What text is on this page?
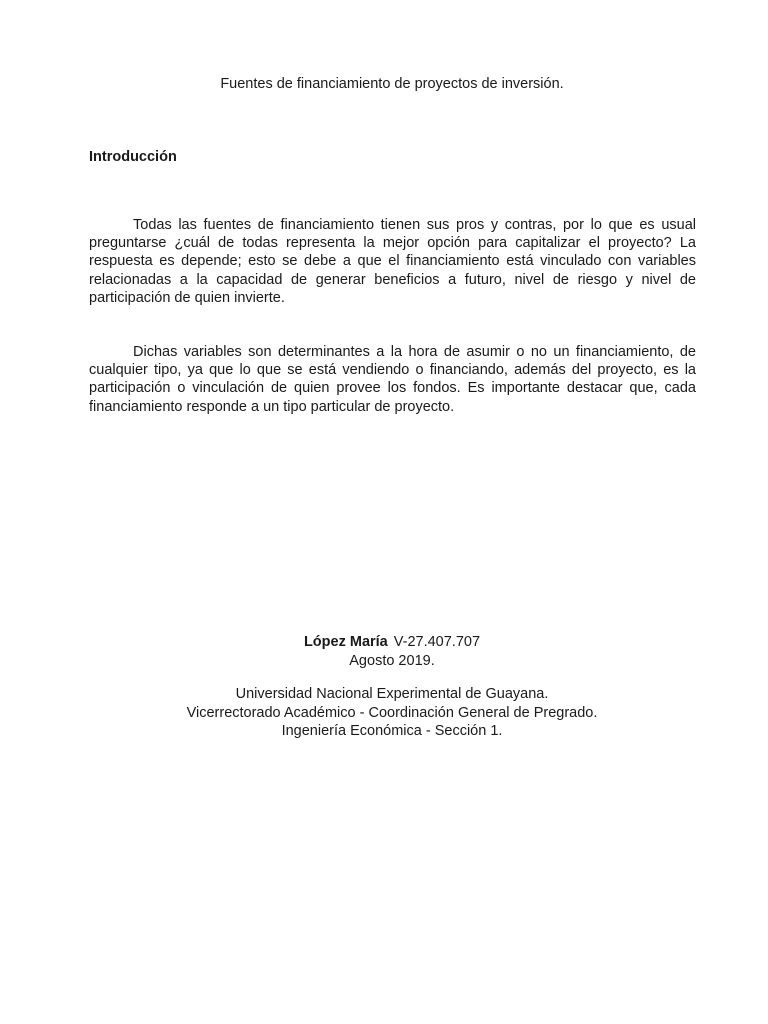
Fuentes de financiamiento de proyectos de inversión.
Introducción

Todas las fuentes de financiamiento tienen sus pros y contras, por lo que es usual preguntarse ¿cuál de todas representa la mejor opción para capitalizar el proyecto? La respuesta es depende; esto se debe a que el financiamiento está vinculado con variables relacionadas a la capacidad de generar beneficios a futuro, nivel de riesgo y nivel de participación de quien invierte.

Dichas variables son determinantes a la hora de asumir o no un financiamiento, de cualquier tipo, ya que lo que se está vendiendo o financiando, además del proyecto, es la participación o vinculación de quien provee los fondos. Es importante destacar que, cada financiamiento responde a un tipo particular de proyecto.

López María V-27.407.707
Agosto 2019.
Universidad Nacional Experimental de Guayana.
Vicerrectorado Académico - Coordinación General de Pregrado.
Ingeniería Económica - Sección 1.
